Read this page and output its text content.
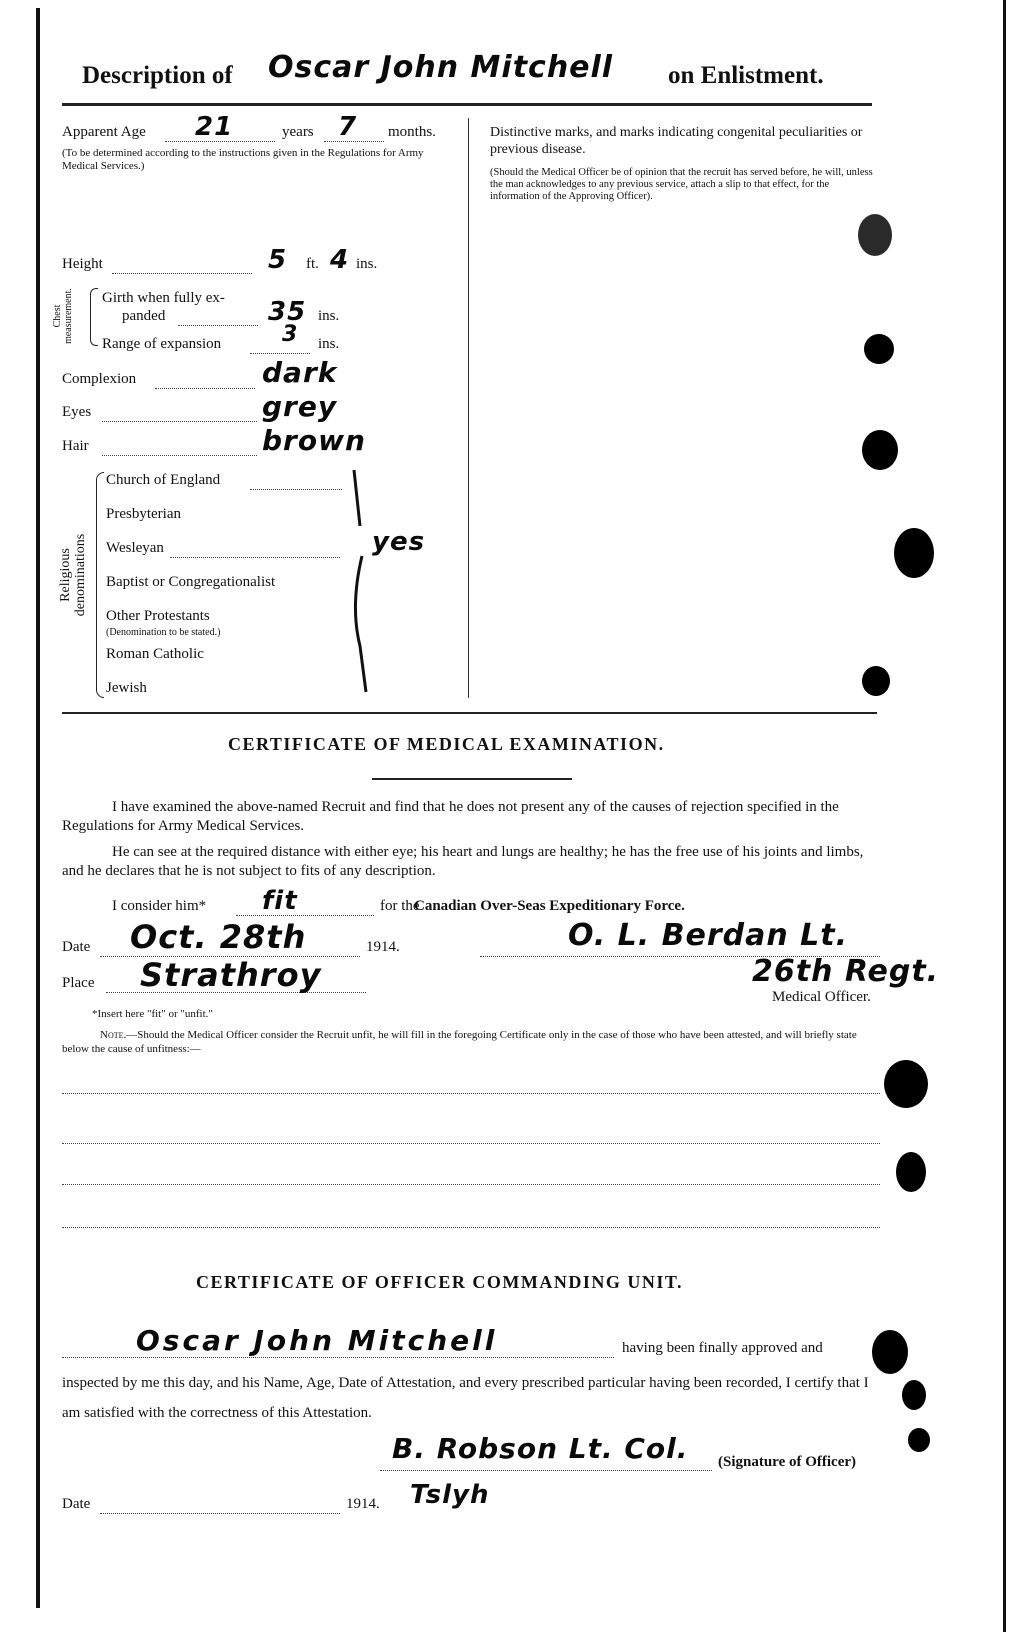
Description of Oscar John Mitchell on Enlistment.
Apparent Age 21	years 7 months.
(To be determined according to the instructions given in the Regulations for Army Medical Services.)
Distinctive marks, and marks indicating congenital peculiarities or previous disease.
(Should the Medical Officer be of opinion that the recruit has served before, he will, unless the man acknowledges to any previous service, attach a slip to that effect, for the information of the Approving Officer).
Height	5 ft. 4 ins.
Chest measurement. Girth when fully ex-
panded	35 ins.
Range of expansion	3 ins.
Complexion	dark
Eyes	grey
Hair	brown
Religious denominations
Church of England
Presbyterian
Wesleyan	yes
Baptist or Congregationalist
Other Protestants
(Denomination to be stated.)
Roman Catholic
Jewish
CERTIFICATE OF MEDICAL EXAMINATION.
I have examined the above-named Recruit and find that he does not present any of the causes of rejection specified in the Regulations for Army Medical Services.
He can see at the required distance with either eye; his heart and lungs are healthy; he has the free use of his joints and limbs, and he declares that he is not subject to fits of any description.
I consider him* fit	for the
Canadian Over-Seas Expeditionary Force.
Date Oct. 28th	1914.	O. L. Berdan Lt.
Place Strathroy	26th Regt.
Medical Officer.
*Insert here "fit" or "unfit."
Note.—Should the Medical Officer consider the Recruit unfit, he will fill in the foregoing Certificate only in the case of those who have been attested, and will briefly state below the cause of unfitness:—
CERTIFICATE OF OFFICER COMMANDING UNIT.
Oscar John Mitchell	having been finally approved and
inspected by me this day, and his Name, Age, Date of Attestation, and every prescribed particular having been recorded, I certify that I am satisfied with the correctness of this Attestation.
B. Robson Lt. Col. (Signature of Officer)
Date	1914. Tslyh
